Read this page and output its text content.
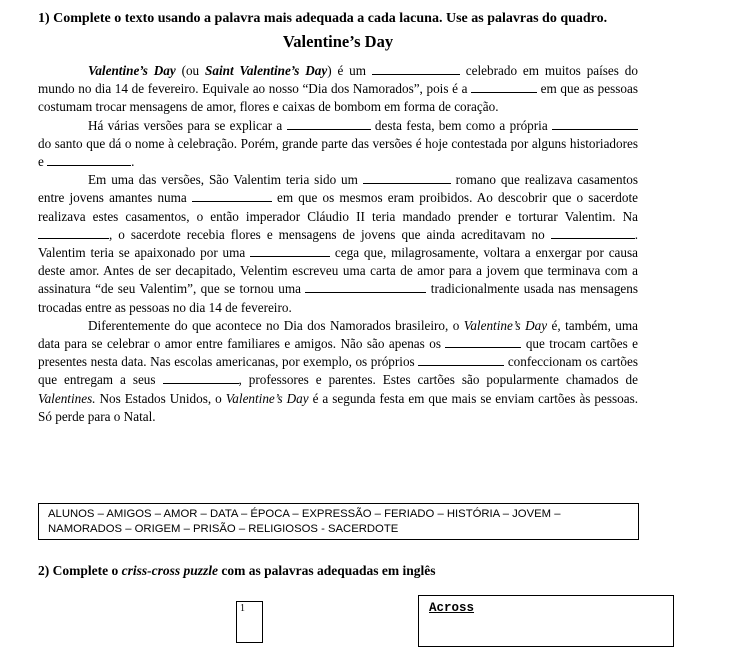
1) Complete o texto usando a palavra mais adequada a cada lacuna. Use as palavras do quadro.
Valentine’s Day

Valentine’s Day (ou Saint Valentine’s Day) é um	celebrado em muitos países do mundo no dia 14 de fevereiro. Equivale ao nosso “Dia dos Namorados”, pois é a	em que as pessoas costumam trocar mensagens de amor, flores e caixas de bombom em forma de coração.

Há várias versões para se explicar a	desta festa, bem como a própria  do santo que dá o nome à celebração. Porém, grande parte das versões é hoje contestada por alguns historiadores e	.

Em uma das versões, São Valentim teria sido um	romano que realizava casamentos entre jovens amantes numa	em que os mesmos eram proibidos. Ao descobrir que o sacerdote realizava estes casamentos, o então imperador Cláudio II teria mandado prender e torturar Valentim. Na , o sacerdote recebia flores e mensagens de jovens que ainda acreditavam no	. Valentim teria se apaixonado por uma	cega que, milagrosamente, voltara a enxergar por causa deste amor. Antes de ser decapitado, Velentim escreveu uma carta de amor para a jovem que terminava com a assinatura “de seu Valentim”, que se tornou uma	tradicionalmente usada nas mensagens trocadas entre as pessoas no dia 14 de fevereiro.

Diferentemente do que acontece no Dia dos Namorados brasileiro, o Valentine’s Day é, também, uma data para se celebrar o amor entre familiares e amigos. Não são apenas os	que trocam cartões e presentes nesta data. Nas escolas americanas, por exemplo, os próprios	confeccionam os cartões que entregam a seus	, professores e parentes. Estes cartões são popularmente chamados de Valentines. Nos Estados Unidos, o Valentine’s Day é a segunda festa em que mais se enviam cartões às pessoas. Só perde para o Natal.

ALUNOS – AMIGOS – AMOR – DATA – ÉPOCA – EXPRESSÃO – FERIADO – HISTÓRIA – JOVEM –
NAMORADOS – ORIGEM – PRISÃO – RELIGIOSOS - SACERDOTE
2) Complete o criss-cross puzzle com as palavras adequadas em inglês
1	Across
